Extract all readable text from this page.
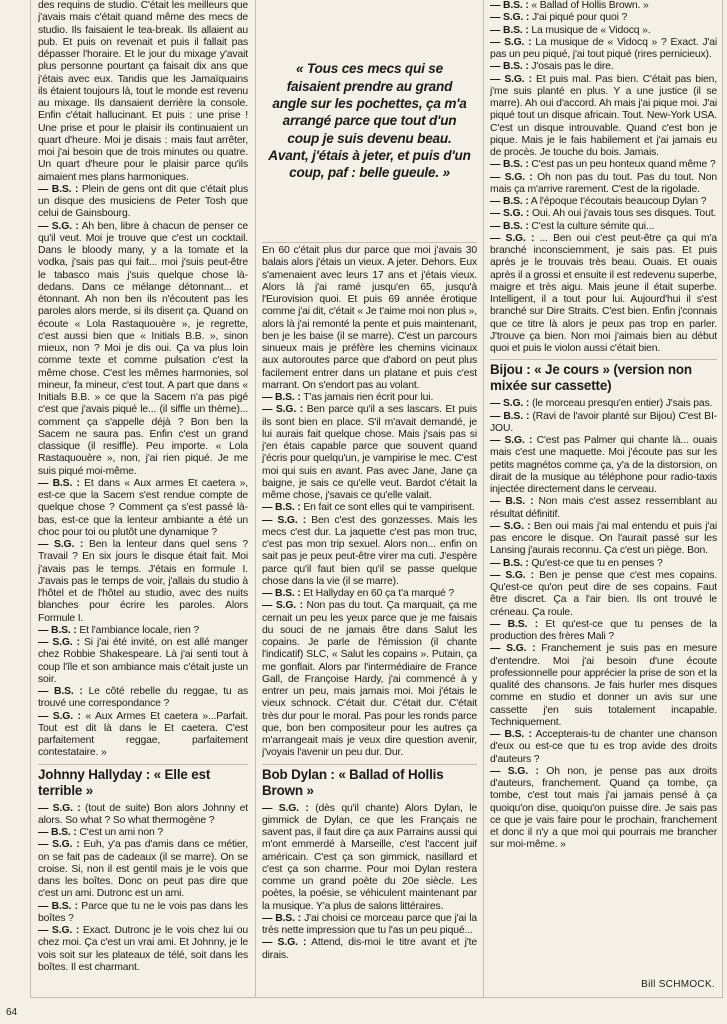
des requins de studio. C'était les meilleurs que j'avais mais c'était quand même des mecs de studio. Ils faisaient le tea-break. Ils allaient au pub. Et puis on revenait et puis il fallait pas dépasser l'horaire. Et le jour du mixage y'avait plus personne pourtant ça faisait dix ans que j'étais avec eux. Tandis que les Jamaïquains ils étaient toujours là, tout le monde est revenu au mixage. Ils dansaient derrière la console. Enfin c'était hallucinant. Et puis : une prise ! Une prise et pour le plaisir ils continuaient un quart d'heure. Moi je disais : mais faut arrêter, moi j'ai besoin que de trois minutes ou quatre. Un quart d'heure pour le plaisir parce qu'ils aimaient mes plans harmoniques.

— B.S. : Plein de gens ont dit que c'était plus un disque des musiciens de Peter Tosh que celui de Gainsbourg.

— S.G. : Ah ben, libre à chacun de penser ce qu'il veut. Moi je trouve que c'est un cocktail. Dans le bloody many, y a la tomate et la vodka, j'sais pas qui fait... moi j'suis peut-être le tabasco mais j'suis quelque chose là-dedans. Dans ce mélange détonnant... et étonnant. Ah non ben ils n'écoutent pas les paroles alors merde, si ils disent ça. Quand on écoute « Lola Rastaquouère », je regrette, c'est aussi bien que « Initials B.B. », sinon mieux, non ? Moi je dis oui. Ça va plus loin comme texte et comme pulsation c'est la même chose. C'est les mêmes harmonies, sol mineur, fa mineur, c'est tout. A part que dans « Initials B.B. » ce que la Sacem n'a pas pigé c'est que j'avais piqué le... (il siffle un thème)... comment ça s'appelle déjà ? Bon ben la Sacem ne saura pas. Enfin c'est un grand classique (il resiffle). Peu importe. « Lola Rastaquouère », non, j'ai rien piqué. Je me suis piqué moi-même.

— B.S. : Et dans « Aux armes Et caetera », est-ce que la Sacem s'est rendue compte de quelque chose ? Comment ça s'est passé là-bas, est-ce que la lenteur ambiante a été un choc pour toi ou plutôt une dynamique ?

— S.G. : Ben la lenteur dans quel sens ? Travail ? En six jours le disque était fait. Moi j'avais pas le temps. J'étais en formule I. J'avais pas le temps de voir, j'allais du studio à l'hôtel et de l'hôtel au studio, avec des nuits blanches pour écrire les paroles. Alors Formule I.

— B.S. : Et l'ambiance locale, rien ?

— S.G. : Si j'ai été invité, on est allé manger chez Robbie Shakespeare. Là j'ai senti tout à coup l'île et son ambiance mais c'était juste un soir.

— B.S. : Le côté rebelle du reggae, tu as trouvé une correspondance ?

— S.G. : « Aux Armes Et caetera »...Parfait. Tout est dit là dans le Et caetera. C'est parfaitement reggae, parfaitement contestataire. »

Johnny Hallyday : « Elle est terrible »

— S.G. : (tout de suite) Bon alors Johnny et alors. So what ? So what thermogène ?

— B.S. : C'est un ami non ?

— S.G. : Euh, y'a pas d'amis dans ce métier, on se fait pas de cadeaux (il se marre). On se croise. Si, non il est gentil mais je le vois que dans les boîtes. Donc on peut pas dire que c'est un ami. Dutronc est un ami.

— B.S. : Parce que tu ne le vois pas dans les boîtes ?

— S.G. : Exact. Dutronc je le vois chez lui ou chez moi. Ça c'est un vrai ami. Et Johnny, je le vois soit sur les plateaux de télé, soit dans les boîtes. Il est charmant.

« Tous ces mecs qui se faisaient prendre au grand angle sur les pochettes, ça m'a arrangé parce que tout d'un coup je suis devenu beau. Avant, j'étais à jeter, et puis d'un coup, paf : belle gueule. »

En 60 c'était plus dur parce que moi j'avais 30 balais alors j'étais un vieux. A jeter. Dehors. Eux s'amenaient avec leurs 17 ans et j'étais vieux. Alors là j'ai ramé jusqu'en 65, jusqu'à l'Eurovision quoi. Et puis 69 année érotique comme j'ai dit, c'était « Je t'aime moi non plus », alors là j'ai remonté la pente et puis maintenant, ben je les baise (il se marre). C'est un parcours sinueux mais je préfère les chemins vicinaux aux autoroutes parce que d'abord on peut plus facilement entrer dans un platane et puis c'est marrant. On s'endort pas au volant.

— B.S. : T'as jamais rien écrit pour lui.

— S.G. : Ben parce qu'il a ses lascars. Et puis ils sont bien en place. S'il m'avait demandé, je lui aurais fait quelque chose. Mais j'sais pas si j'en étais capable parce que souvent quand j'écris pour quelqu'un, je vampirise le mec. C'est moi qui suis en avant. Pas avec Jane, Jane ça baigne, je sais ce qu'elle veut. Bardot c'était la même chose, j'savais ce qu'elle valait.

— B.S. : En fait ce sont elles qui te vampirisent.

— S.G. : Ben c'est des gonzesses. Mais les mecs c'est dur. La jaquette c'est pas mon truc, c'est pas mon trip sexuel. Alors non... enfin on sait pas je peux peut-être virer ma cuti. J'espère parce qu'il faut bien qu'il se passe quelque chose dans la vie (il se marre).

— B.S. : Et Hallyday en 60 ça t'a marqué ?

— S.G. : Non pas du tout. Ça marquait, ça me cernait un peu les yeux parce que je me faisais du souci de ne jamais être dans Salut les copains. Je parle de l'émission (il chante l'indicatif) SLC, « Salut les copains ». Putain, ça me gonflait. Alors par l'intermédiaire de France Gall, de Françoise Hardy, j'ai commencé à y entrer un peu, mais jamais moi. Moi j'étais le vieux schnock. C'était dur. C'était dur. C'était très dur pour le moral. Pas pour les ronds parce que, bon ben compositeur pour les autres ça m'arrangeait mais je veux dire question avenir, j'voyais l'avenir un peu dur. Dur.

Bob Dylan : « Ballad of Hollis Brown »

— S.G. : (dès qu'il chante) Alors Dylan, le gimmick de Dylan, ce que les Français ne savent pas, il faut dire ça aux Parrains aussi qui m'ont emmerdé à Marseille, c'est l'accent juif américain. C'est ça son gimmick, nasillard et c'est ça son charme. Pour moi Dylan restera comme un grand poète du 20e siècle. Les poètes, la poésie, se véhiculent maintenant par la musique. Y'a plus de salons littéraires.

— B.S. : J'ai choisi ce morceau parce que j'ai la très nette impression que tu l'as un peu piqué...

— S.G. : Attend, dis-moi le titre avant et j'te dirais.

— B.S. : « Ballad of Hollis Brown. »

— S.G. : J'ai piqué pour quoi ?

— B.S. : La musique de « Vidocq ».

— S.G. : La musique de « Vidocq » ? Exact. J'ai pas un peu piqué, j'ai tout piqué (rires pernicieux).

— B.S. : J'osais pas le dire.

— S.G. : Et puis mal. Pas bien. C'était pas bien, j'me suis planté en plus. Y a une justice (il se marre). Ah oui d'accord. Ah mais j'ai pique moi. J'ai piqué tout un disque africain. Tout. New-York USA. C'est un disque introuvable. Quand c'est bon je pique. Mais je le fais habilement et j'ai jamais eu de procès. Je touche du bois. Jamais.

— B.S. : C'est pas un peu honteux quand même ?

— S.G. : Oh non pas du tout. Pas du tout. Non mais ça m'arrive rarement. C'est de la rigolade.

— B.S. : A l'époque t'écoutais beaucoup Dylan ?

— S.G. : Oui. Ah oui j'avais tous ses disques. Tout.

— B.S. : C'est la culture sémite qui...

— S.G. : ... Ben oui c'est peut-être ça qui m'a branché inconsciemment, je sais pas. Et puis après je le trouvais très beau. Ouais. Et ouais après il a grossi et ensuite il est redevenu superbe, maigre et très aigu. Mais jeune il était superbe. Intelligent, il a tout pour lui. Aujourd'hui il s'est branché sur Dire Straits. C'est bien. Enfin j'connais que ce titre là alors je peux pas trop en parler. J'trouve ça bien. Non moi j'aimais bien au début quoi et puis le violon aussi c'était bien.

Bijou : « Je cours » (version non mixée sur cassette)

— S.G. : (le morceau presqu'en entier) J'sais pas.

— B.S. : (Ravi de l'avoir planté sur Bijou) C'est BI-JOU.

— S.G. : C'est pas Palmer qui chante là... ouais mais c'est une maquette. Moi j'écoute pas sur les petits magnétos comme ça, y'a de la distorsion, on dirait de la musique au téléphone pour radio-taxis injectée directement dans le cerveau.

— B.S. : Non mais c'est assez ressemblant au résultat définitif.

— S.G. : Ben oui mais j'ai mal entendu et puis j'ai pas encore le disque. On l'aurait passé sur les Lansing j'aurais reconnu. Ça c'est un piège. Bon.

— B.S. : Qu'est-ce que tu en penses ?

— S.G. : Ben je pense que c'est mes copains. Qu'est-ce qu'on peut dire de ses copains. Faut être discret. Ça a l'air bien. Ils ont trouvé le créneau. Ça roule.

— B.S. : Et qu'est-ce que tu penses de la production des frères Mali ?

— S.G. : Franchement je suis pas en mesure d'entendre. Moi j'ai besoin d'une écoute professionnelle pour apprécier la prise de son et la qualité des chansons. Je fais hurler mes disques comme en studio et donner un avis sur une cassette j'en suis totalement incapable. Techniquement.

— B.S. : Accepterais-tu de chanter une chanson d'eux ou est-ce que tu es trop avide des droits d'auteurs ?

— S.G. : Oh non, je pense pas aux droits d'auteurs, franchement. Quand ça tombe, ça tombe, c'est tout mais j'ai jamais pensé à ça quoiqu'on dise, quoiqu'on puisse dire. Je sais pas ce que je vais faire pour le prochain, franchement et donc il n'y a que moi qui pourrais me brancher sur moi-même. »

Bill SCHMOCK.
64
